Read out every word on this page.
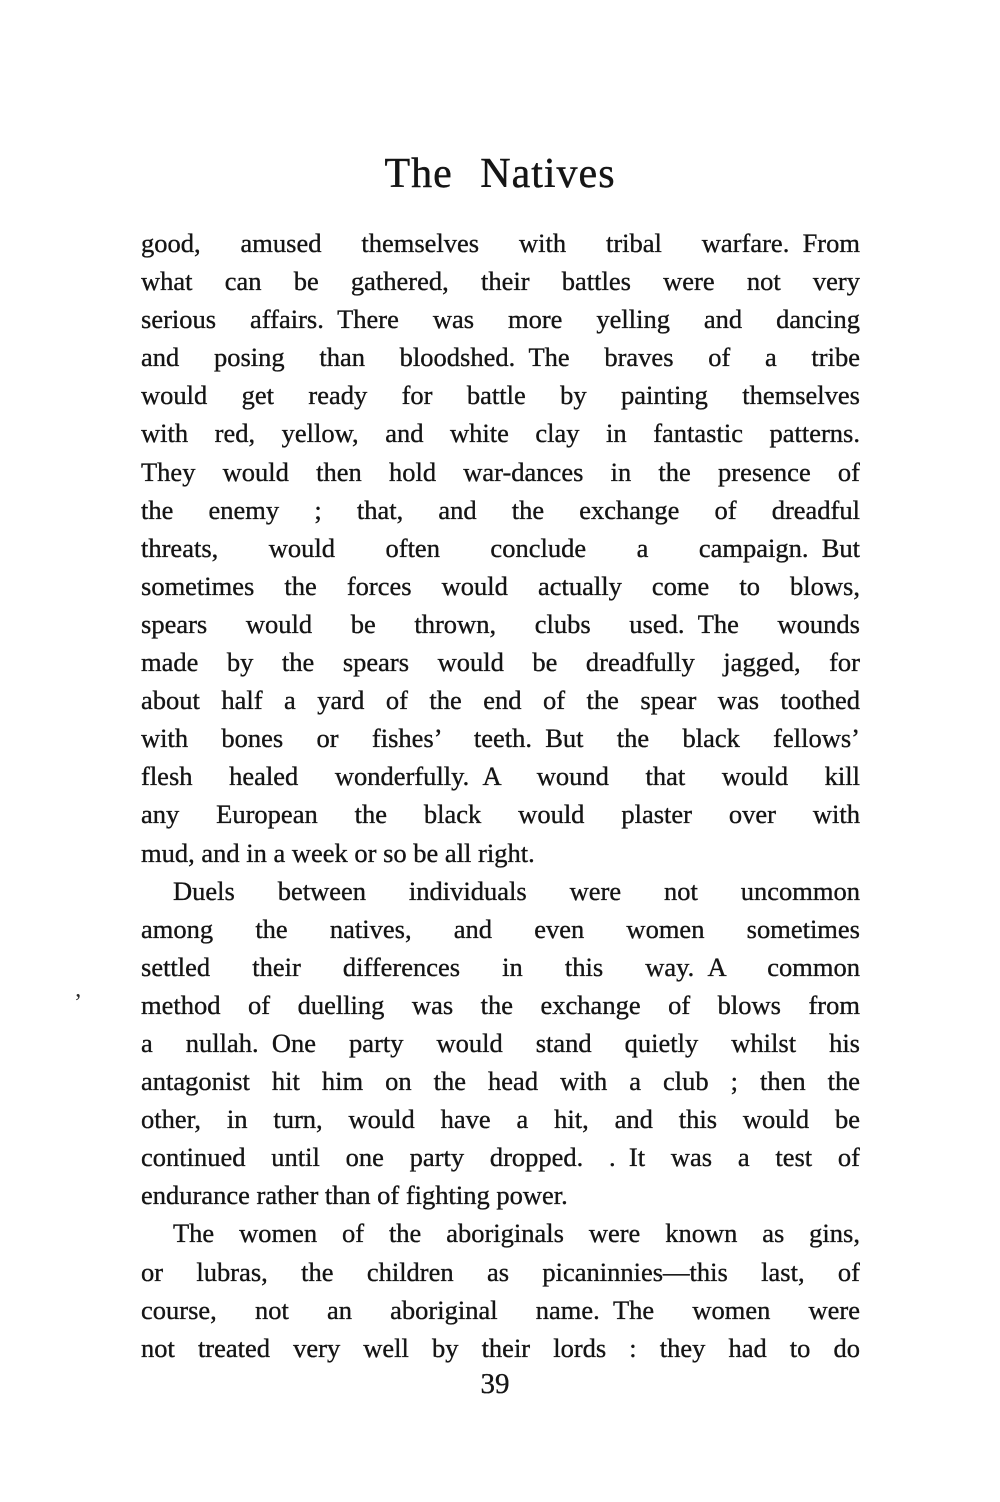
The Natives
’
good, amused themselves with tribal warfare. From
what can be gathered, their battles were not very
serious affairs. There was more yelling and dancing
and posing than bloodshed. The braves of a tribe
would get ready for battle by painting themselves
with red, yellow, and white clay in fantastic patterns.
They would then hold war-dances in the presence of
the enemy ; that, and the exchange of dreadful
threats, would often conclude a campaign. But
sometimes the forces would actually come to blows,
spears would be thrown, clubs used. The wounds
made by the spears would be dreadfully jagged, for
about half a yard of the end of the spear was toothed
with bones or fishes’ teeth. But the black fellows’
flesh healed wonderfully. A wound that would kill
any European the black would plaster over with
mud, and in a week or so be all right.
Duels between individuals were not uncommon
among the natives, and even women sometimes
settled their differences in this way. A common
method of duelling was the exchange of blows from
a nullah. One party would stand quietly whilst his
antagonist hit him on the head with a club ; then the
other, in turn, would have a hit, and this would be
continued until one party dropped. . It was a test of
endurance rather than of fighting power.
The women of the aboriginals were known as gins,
or lubras, the children as picaninnies—this last, of
course, not an aboriginal name. The women were
not treated very well by their lords : they had to do
39
